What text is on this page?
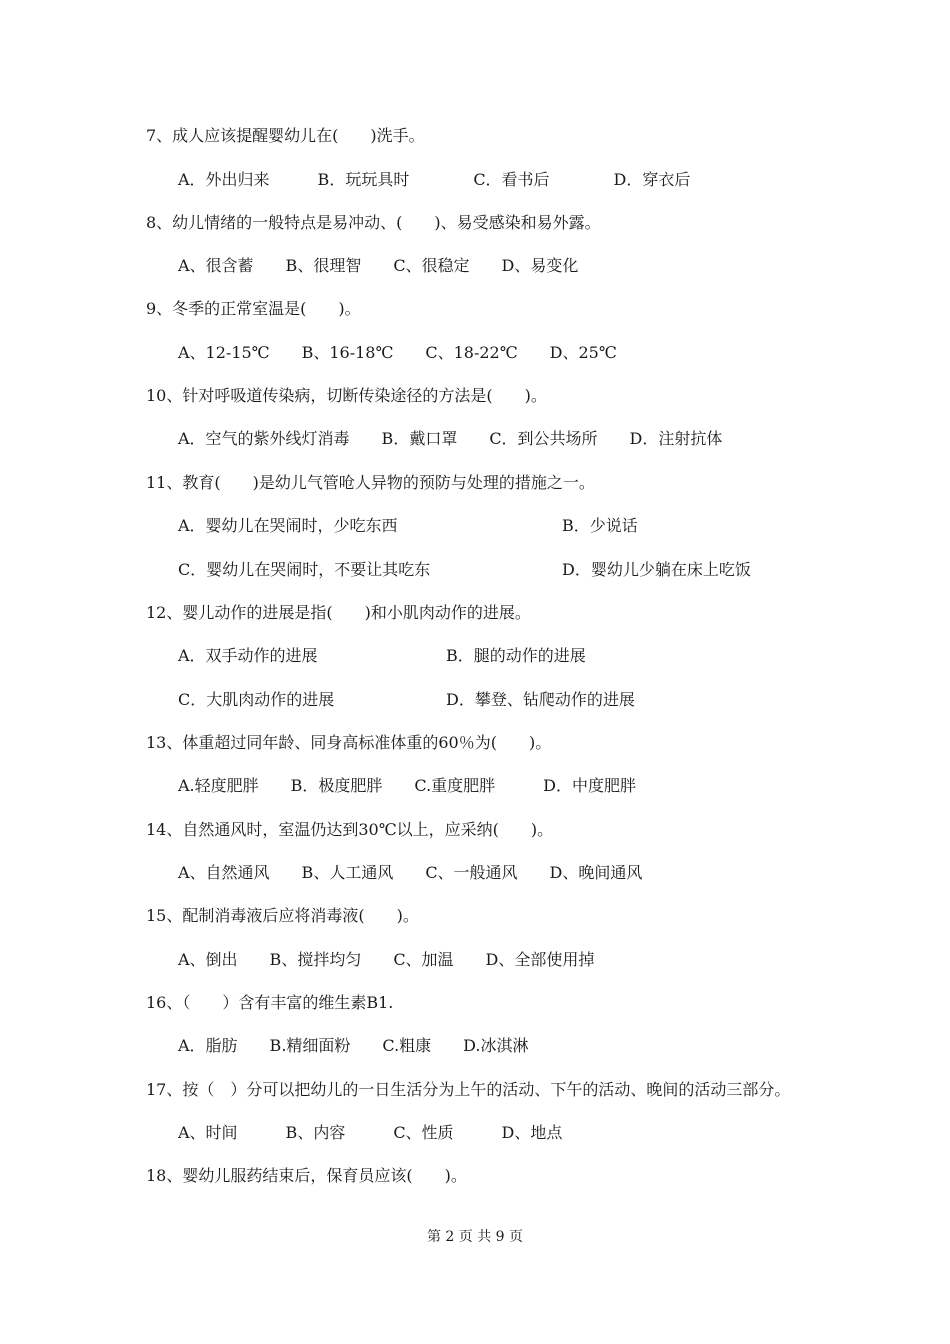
7、成人应该提醒婴幼儿在(　　)洗手。
A．外出归来　　　B．玩玩具时　　　　C．看书后　　　　D．穿衣后
8、幼儿情绪的一般特点是易冲动、(　　)、易受感染和易外露。
A、很含蓄　　B、很理智　　C、很稳定　　D、易变化
9、冬季的正常室温是(　　)。
A、12-15℃　　B、16-18℃　　C、18-22℃　　D、25℃
10、针对呼吸道传染病，切断传染途径的方法是(　　)。
A．空气的紫外线灯消毒　　B．戴口罩　　C．到公共场所　　D．注射抗体
11、教育(　　)是幼儿气管呛人异物的预防与处理的措施之一。
A．婴幼儿在哭闹时，少吃东西	B．少说话
C．婴幼儿在哭闹时，不要让其吃东	D．婴幼儿少躺在床上吃饭
12、婴儿动作的进展是指(　　)和小肌肉动作的进展。
A．双手动作的进展	B．腿的动作的进展
C．大肌肉动作的进展	D．攀登、钻爬动作的进展
13、体重超过同年龄、同身高标准体重的60％为(　　)。
A.轻度肥胖　　B．极度肥胖　　C.重度肥胖　　　D．中度肥胖
14、自然通风时，室温仍达到30℃以上，应采纳(　　)。
A、自然通风　　B、人工通风　　C、一般通风　　D、晚间通风
15、配制消毒液后应将消毒液(　　)。
A、倒出　　B、搅拌均匀　　C、加温　　D、全部使用掉
16、（　　）含有丰富的维生素B1.
A．脂肪　　B.精细面粉　　C.粗康　　D.冰淇淋
17、按（　）分可以把幼儿的一日生活分为上午的活动、下午的活动、晚间的活动三部分。
A、时间　　　B、内容　　　C、性质　　　D、地点
18、婴幼儿服药结束后，保育员应该(　　)。
第 2 页 共 9 页
